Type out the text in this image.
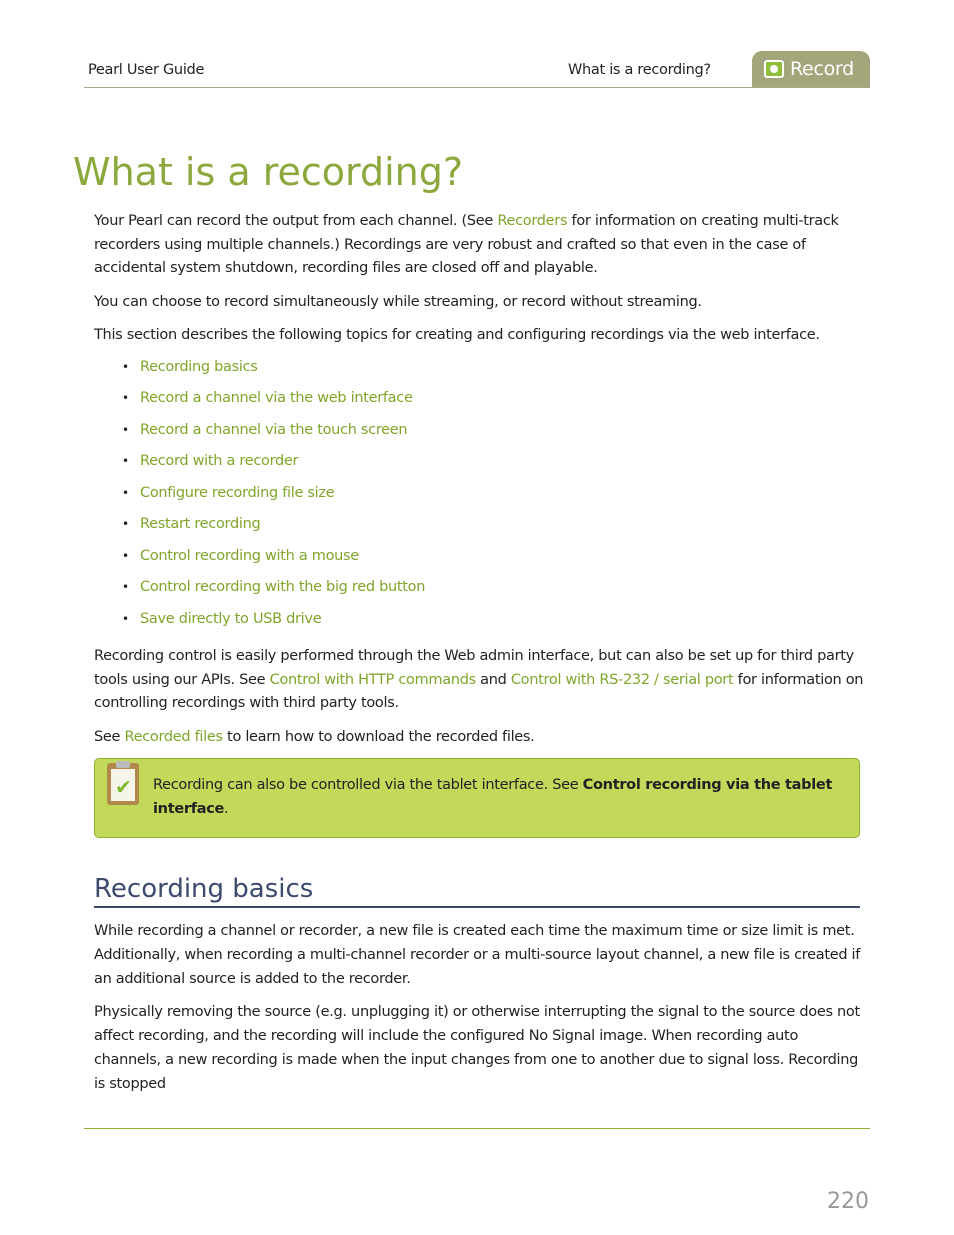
Pearl User Guide	What is a recording?	Record
What is a recording?

Your Pearl can record the output from each channel. (See Recorders for information on creating multi-track recorders using multiple channels.) Recordings are very robust and crafted so that even in the case of accidental system shutdown, recording files are closed off and playable.

You can choose to record simultaneously while streaming, or record without streaming.

This section describes the following topics for creating and configuring recordings via the web interface.

• Recording basics
• Record a channel via the web interface
• Record a channel via the touch screen
• Record with a recorder
• Configure recording file size
• Restart recording
• Control recording with a mouse
• Control recording with the big red button
• Save directly to USB drive

Recording control is easily performed through the Web admin interface, but can also be set up for third party tools using our APIs. See Control with HTTP commands and Control with RS-232 / serial port for information on controlling recordings with third party tools.

See Recorded files to learn how to download the recorded files.

✔ Recording can also be controlled via the tablet interface. See Control recording via the tablet interface.
Recording basics

While recording a channel or recorder, a new file is created each time the maximum time or size limit is met. Additionally, when recording a multi-channel recorder or a multi-source layout channel, a new file is created if an additional source is added to the recorder.

Physically removing the source (e.g. unplugging it) or otherwise interrupting the signal to the source does not affect recording, and the recording will include the configured No Signal image. When recording auto channels, a new recording is made when the input changes from one to another due to signal loss. Recording is stopped

220
